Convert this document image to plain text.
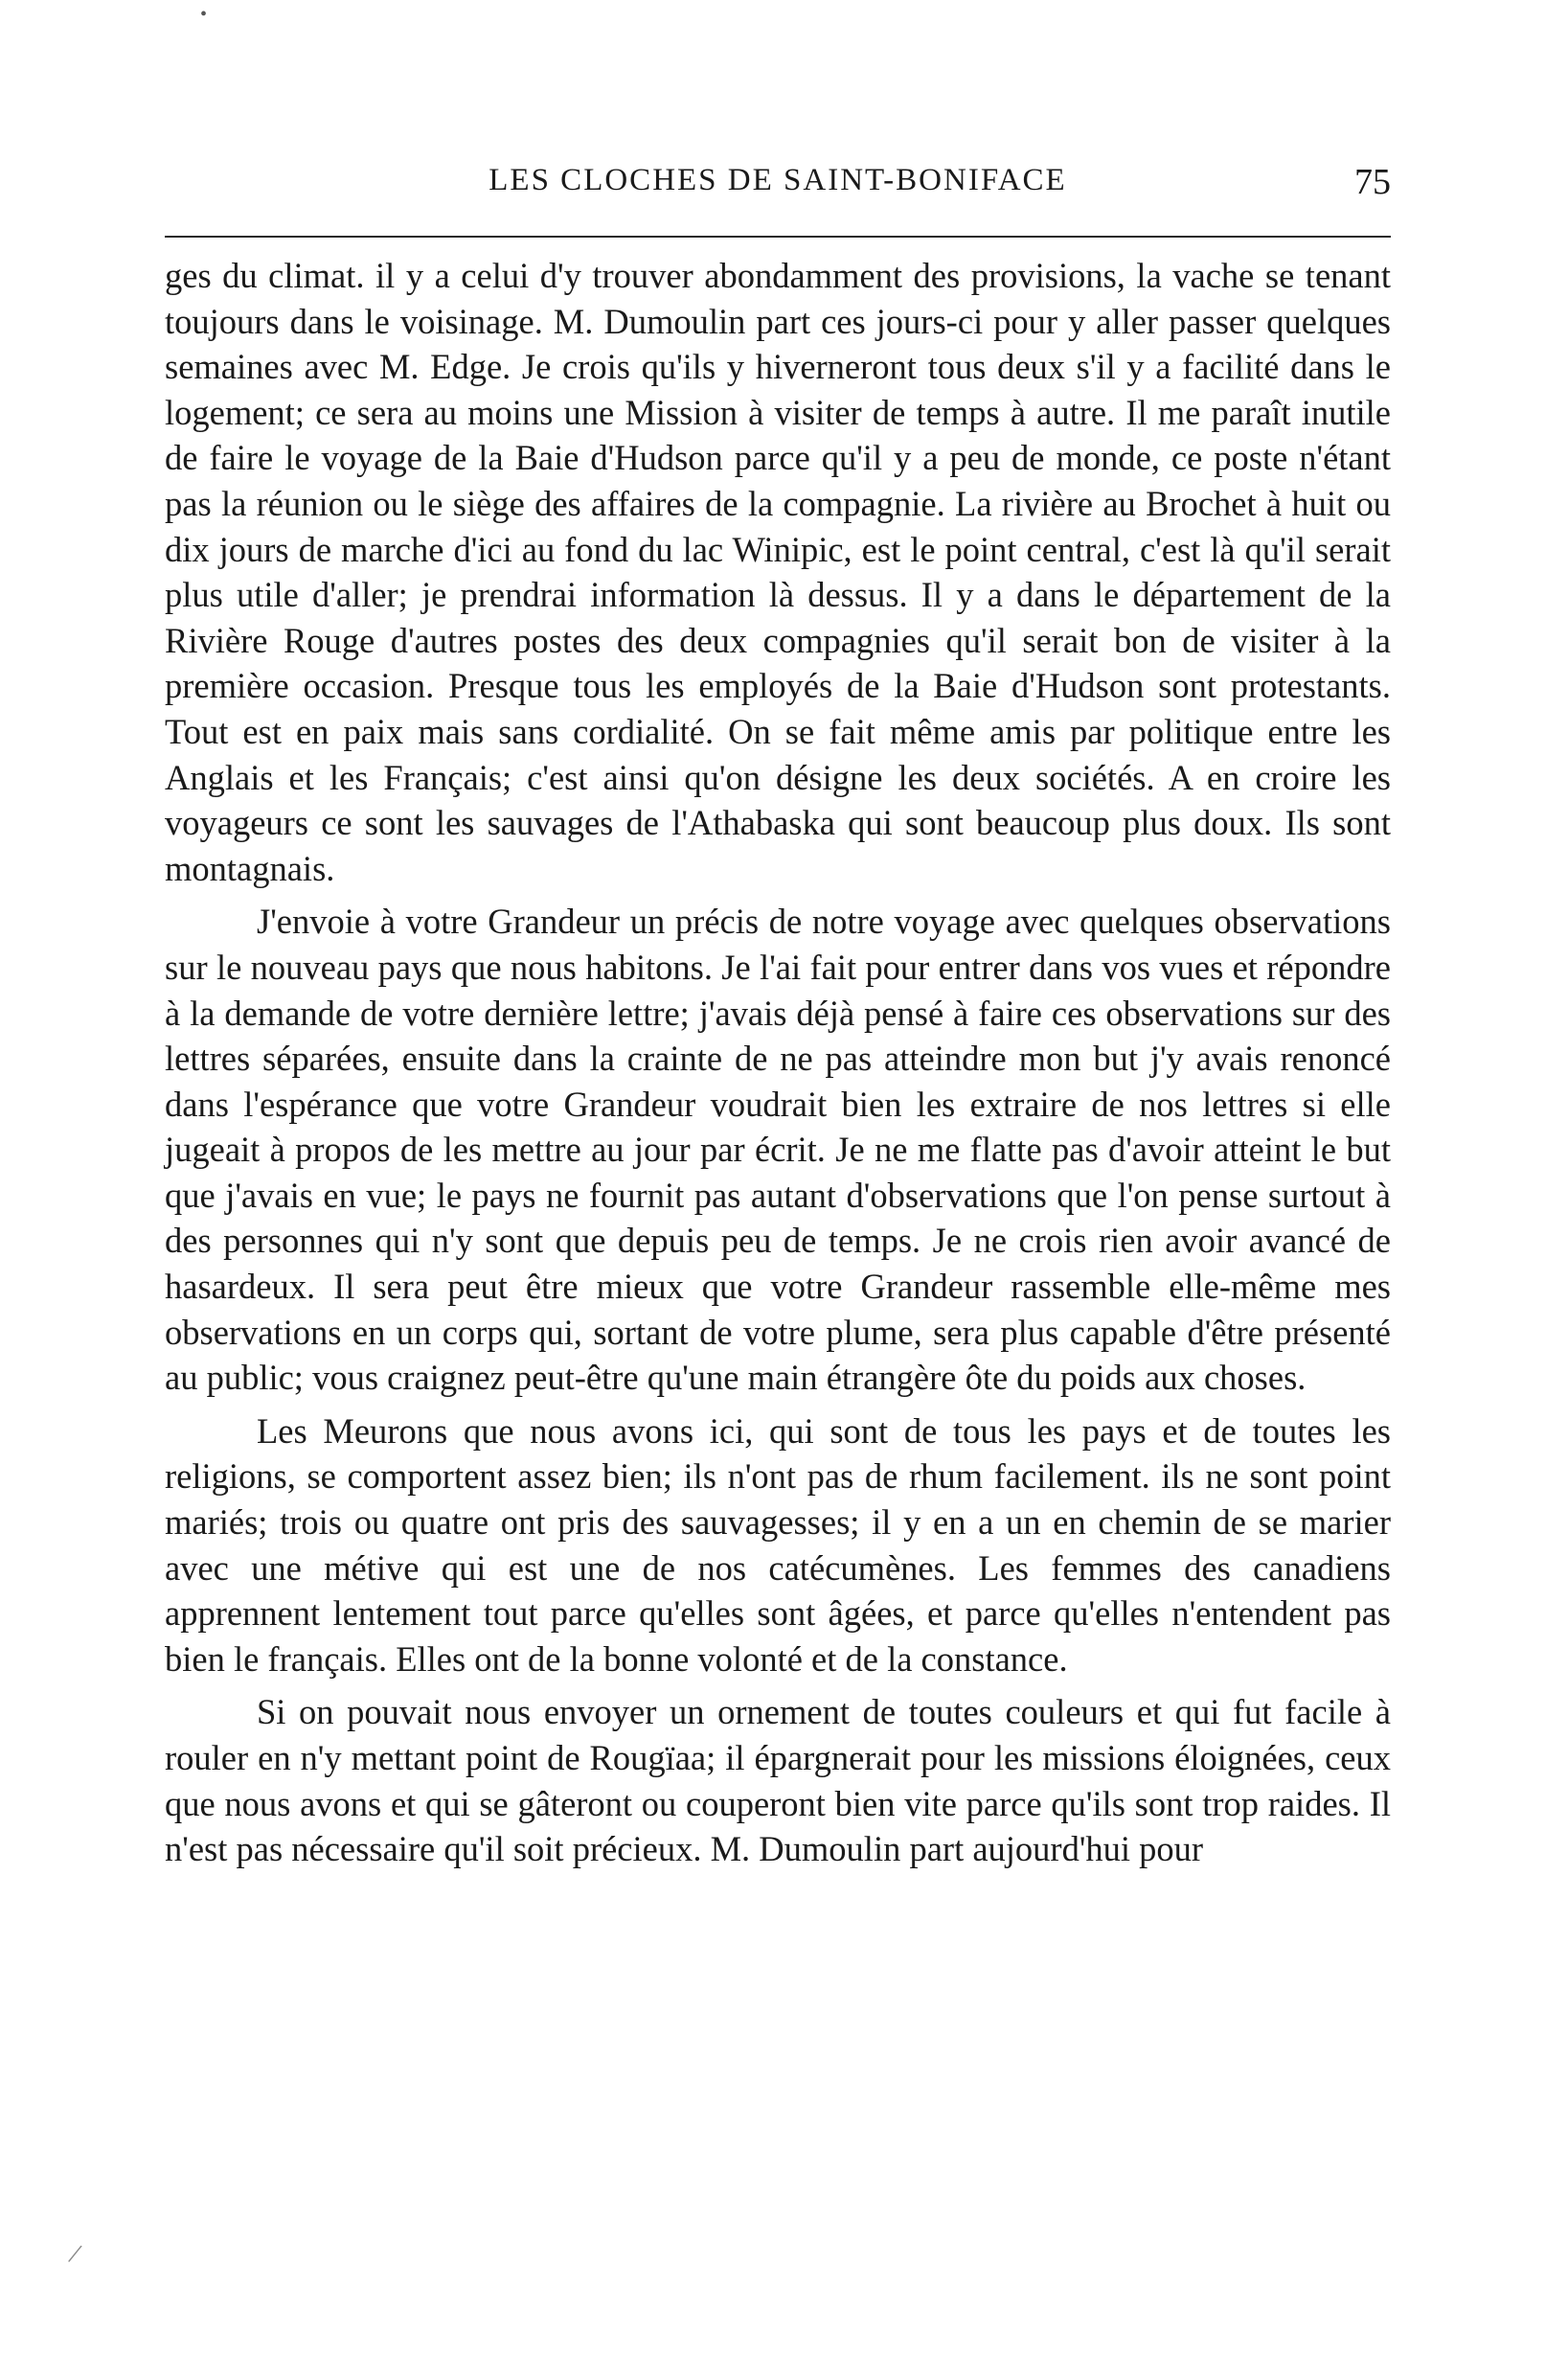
•
LES CLOCHES DE SAINT-BONIFACE	75

ges du climat. il y a celui d'y trouver abondamment des provisions, la vache se tenant toujours dans le voisinage. M. Dumoulin part ces jours-ci pour y aller passer quelques semaines avec M. Edge. Je crois qu'ils y hiverneront tous deux s'il y a facilité dans le logement; ce sera au moins une Mission à visiter de temps à autre. Il me paraît inutile de faire le voyage de la Baie d'Hudson parce qu'il y a peu de monde, ce poste n'étant pas la réunion ou le siège des affaires de la compagnie. La rivière au Brochet à huit ou dix jours de marche d'ici au fond du lac Winipic, est le point central, c'est là qu'il serait plus utile d'aller; je prendrai information là dessus. Il y a dans le département de la Rivière Rouge d'autres postes des deux compagnies qu'il serait bon de visiter à la première occasion. Presque tous les employés de la Baie d'Hudson sont protestants. Tout est en paix mais sans cordialité. On se fait même amis par politique entre les Anglais et les Français; c'est ainsi qu'on désigne les deux sociétés. A en croire les voyageurs ce sont les sauvages de l'Athabaska qui sont beaucoup plus doux. Ils sont montagnais.

J'envoie à votre Grandeur un précis de notre voyage avec quelques observations sur le nouveau pays que nous habitons. Je l'ai fait pour entrer dans vos vues et répondre à la demande de votre dernière lettre; j'avais déjà pensé à faire ces observations sur des lettres séparées, ensuite dans la crainte de ne pas atteindre mon but j'y avais renoncé dans l'espérance que votre Grandeur voudrait bien les extraire de nos lettres si elle jugeait à propos de les mettre au jour par écrit. Je ne me flatte pas d'avoir atteint le but que j'avais en vue; le pays ne fournit pas autant d'observations que l'on pense surtout à des personnes qui n'y sont que depuis peu de temps. Je ne crois rien avoir avancé de hasardeux. Il sera peut être mieux que votre Grandeur rassemble elle-même mes observations en un corps qui, sortant de votre plume, sera plus capable d'être présenté au public; vous craignez peut-être qu'une main étrangère ôte du poids aux choses.

Les Meurons que nous avons ici, qui sont de tous les pays et de toutes les religions, se comportent assez bien; ils n'ont pas de rhum facilement. ils ne sont point mariés; trois ou quatre ont pris des sauvagesses; il y en a un en chemin de se marier avec une métive qui est une de nos catécumènes. Les femmes des canadiens apprennent lentement tout parce qu'elles sont âgées, et parce qu'elles n'entendent pas bien le français. Elles ont de la bonne volonté et de la constance.

Si on pouvait nous envoyer un ornement de toutes couleurs et qui fut facile à rouler en n'y mettant point de Rougïaa; il épargnerait pour les missions éloignées, ceux que nous avons et qui se gâteront ou couperont bien vite parce qu'ils sont trop raides. Il n'est pas nécessaire qu'il soit précieux. M. Dumoulin part aujourd'hui pour

/
